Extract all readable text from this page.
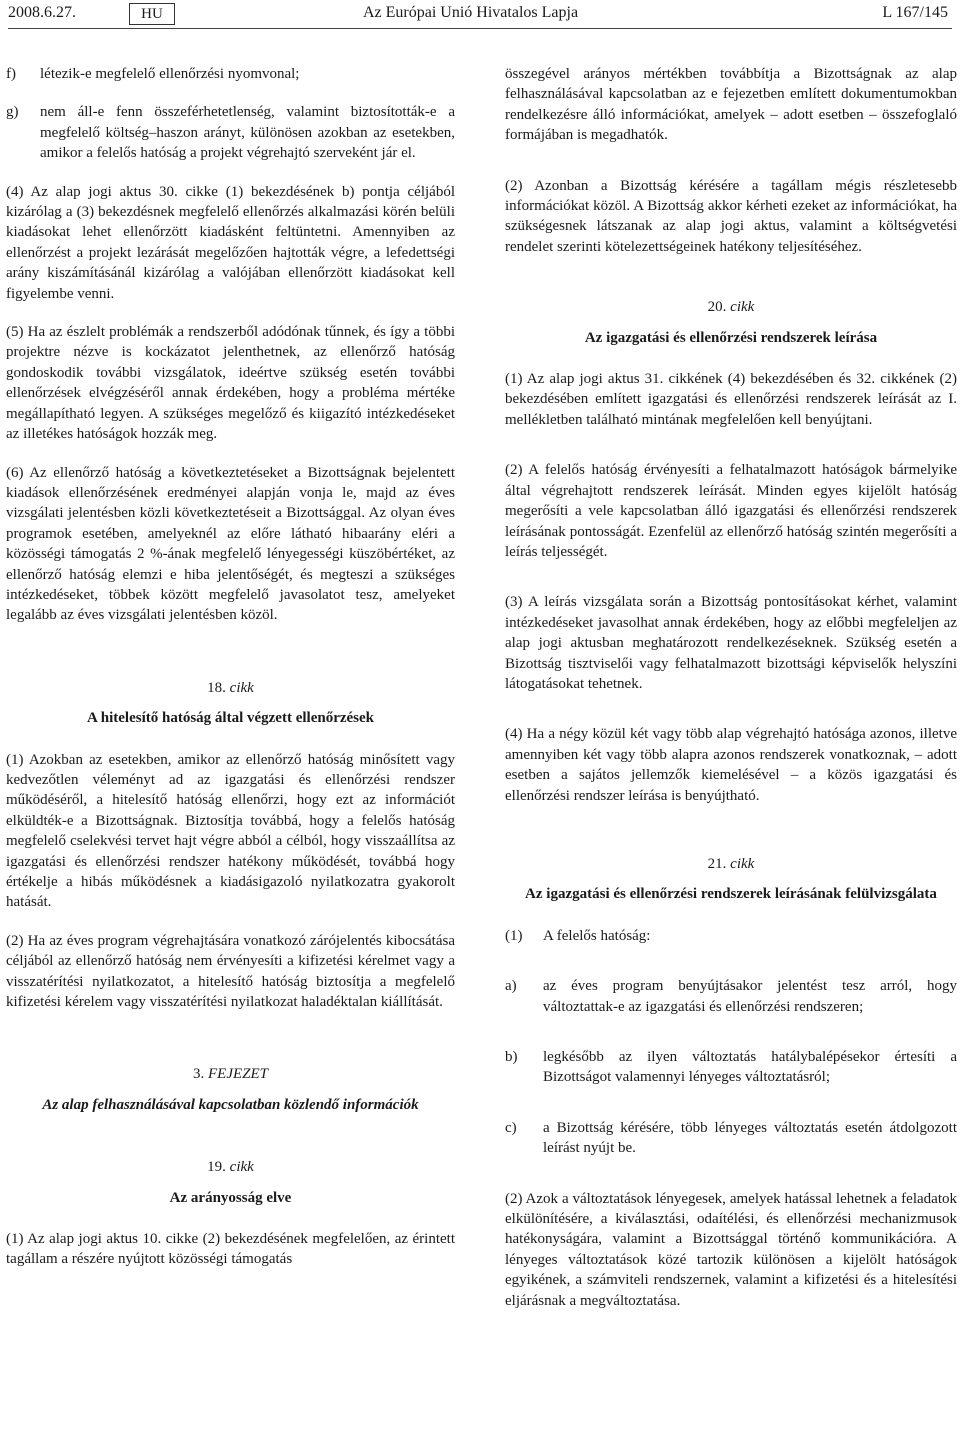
2008.6.27.	HU	Az Európai Unió Hivatalos Lapja	L 167/145
f)	létezik-e megfelelő ellenőrzési nyomvonal;
g)	nem áll-e fenn összeférhetetlenség, valamint biztosították-e a megfelelő költség–haszon arányt, különösen azokban az esetekben, amikor a felelős hatóság a projekt végrehajtó szerveként jár el.

(4) Az alap jogi aktus 30. cikke (1) bekezdésének b) pontja céljából kizárólag a (3) bekezdésnek megfelelő ellenőrzés alkalmazási körén belüli kiadásokat lehet ellenőrzött kiadásként feltüntetni. Amennyiben az ellenőrzést a projekt lezárását megelőzően hajtották végre, a lefedettségi arány kiszámításánál kizárólag a valójában ellenőrzött kiadásokat kell figyelembe venni.

(5) Ha az észlelt problémák a rendszerből adódónak tűnnek, és így a többi projektre nézve is kockázatot jelenthetnek, az ellenőrző hatóság gondoskodik további vizsgálatok, ideértve szükség esetén további ellenőrzések elvégzéséről annak érdekében, hogy a probléma mértéke megállapítható legyen. A szükséges megelőző és kiigazító intézkedéseket az illetékes hatóságok hozzák meg.

(6) Az ellenőrző hatóság a következtetéseket a Bizottságnak bejelentett kiadások ellenőrzésének eredményei alapján vonja le, majd az éves vizsgálati jelentésben közli következtetéseit a Bizottsággal. Az olyan éves programok esetében, amelyeknél az előre látható hibaarány eléri a közösségi támogatás 2 %-ának megfelelő lényegességi küszöbértéket, az ellenőrző hatóság elemzi e hiba jelentőségét, és megteszi a szükséges intézkedéseket, többek között megfelelő javasolatot tesz, amelyeket legalább az éves vizsgálati jelentésben közöl.

18. cikk
A hitelesítő hatóság által végzett ellenőrzések

(1) Azokban az esetekben, amikor az ellenőrző hatóság minősített vagy kedvezőtlen véleményt ad az igazgatási és ellenőrzési rendszer működéséről, a hitelesítő hatóság ellenőrzi, hogy ezt az információt elküldték-e a Bizottságnak. Biztosítja továbbá, hogy a felelős hatóság megfelelő cselekvési tervet hajt végre abból a célból, hogy visszaállítsa az igazgatási és ellenőrzési rendszer hatékony működését, továbbá hogy értékelje a hibás működésnek a kiadásigazoló nyilatkozatra gyakorolt hatását.

(2) Ha az éves program végrehajtására vonatkozó zárójelentés kibocsátása céljából az ellenőrző hatóság nem érvényesíti a kifizetési kérelmet vagy a visszatérítési nyilatkozatot, a hitelesítő hatóság biztosítja a megfelelő kifizetési kérelem vagy visszatérítési nyilatkozat haladéktalan kiállítását.

3. FEJEZET
Az alap felhasználásával kapcsolatban közlendő információk
19. cikk
Az arányosság elve

(1) Az alap jogi aktus 10. cikke (2) bekezdésének megfelelően, az érintett tagállam a részére nyújtott közösségi támogatás

összegével arányos mértékben továbbítja a Bizottságnak az alap felhasználásával kapcsolatban az e fejezetben említett dokumentumokban rendelkezésre álló információkat, amelyek – adott esetben – összefoglaló formájában is megadhatók.

(2) Azonban a Bizottság kérésére a tagállam mégis részletesebb információkat közöl. A Bizottság akkor kérheti ezeket az információkat, ha szükségesnek látszanak az alap jogi aktus, valamint a költségvetési rendelet szerinti kötelezettségeinek hatékony teljesítéséhez.

20. cikk
Az igazgatási és ellenőrzési rendszerek leírása

(1) Az alap jogi aktus 31. cikkének (4) bekezdésében és 32. cikkének (2) bekezdésében említett igazgatási és ellenőrzési rendszerek leírását az I. mellékletben található mintának megfelelően kell benyújtani.

(2) A felelős hatóság érvényesíti a felhatalmazott hatóságok bármelyike által végrehajtott rendszerek leírását. Minden egyes kijelölt hatóság megerősíti a vele kapcsolatban álló igazgatási és ellenőrzési rendszerek leírásának pontosságát. Ezenfelül az ellenőrző hatóság szintén megerősíti a leírás teljességét.

(3) A leírás vizsgálata során a Bizottság pontosításokat kérhet, valamint intézkedéseket javasolhat annak érdekében, hogy az előbbi megfeleljen az alap jogi aktusban meghatározott rendelkezéseknek. Szükség esetén a Bizottság tisztviselői vagy felhatalmazott bizottsági képviselők helyszíni látogatásokat tehetnek.

(4) Ha a négy közül két vagy több alap végrehajtó hatósága azonos, illetve amennyiben két vagy több alapra azonos rendszerek vonatkoznak, – adott esetben a sajátos jellemzők kiemelésével – a közös igazgatási és ellenőrzési rendszer leírása is benyújtható.

21. cikk
Az igazgatási és ellenőrzési rendszerek leírásának felülvizsgálata
(1)	A felelős hatóság:
a)	az éves program benyújtásakor jelentést tesz arról, hogy változtattak-e az igazgatási és ellenőrzési rendszeren;
b)	legkésőbb az ilyen változtatás hatálybalépésekor értesíti a Bizottságot valamennyi lényeges változtatásról;
c)	a Bizottság kérésére, több lényeges változtatás esetén átdolgozott leírást nyújt be.

(2) Azok a változtatások lényegesek, amelyek hatással lehetnek a feladatok elkülönítésére, a kiválasztási, odaítélési, és ellenőrzési mechanizmusok hatékonyságára, valamint a Bizottsággal történő kommunikációra. A lényeges változtatások közé tartozik különösen a kijelölt hatóságok egyikének, a számviteli rendszernek, valamint a kifizetési és a hitelesítési eljárásnak a megváltoztatása.
